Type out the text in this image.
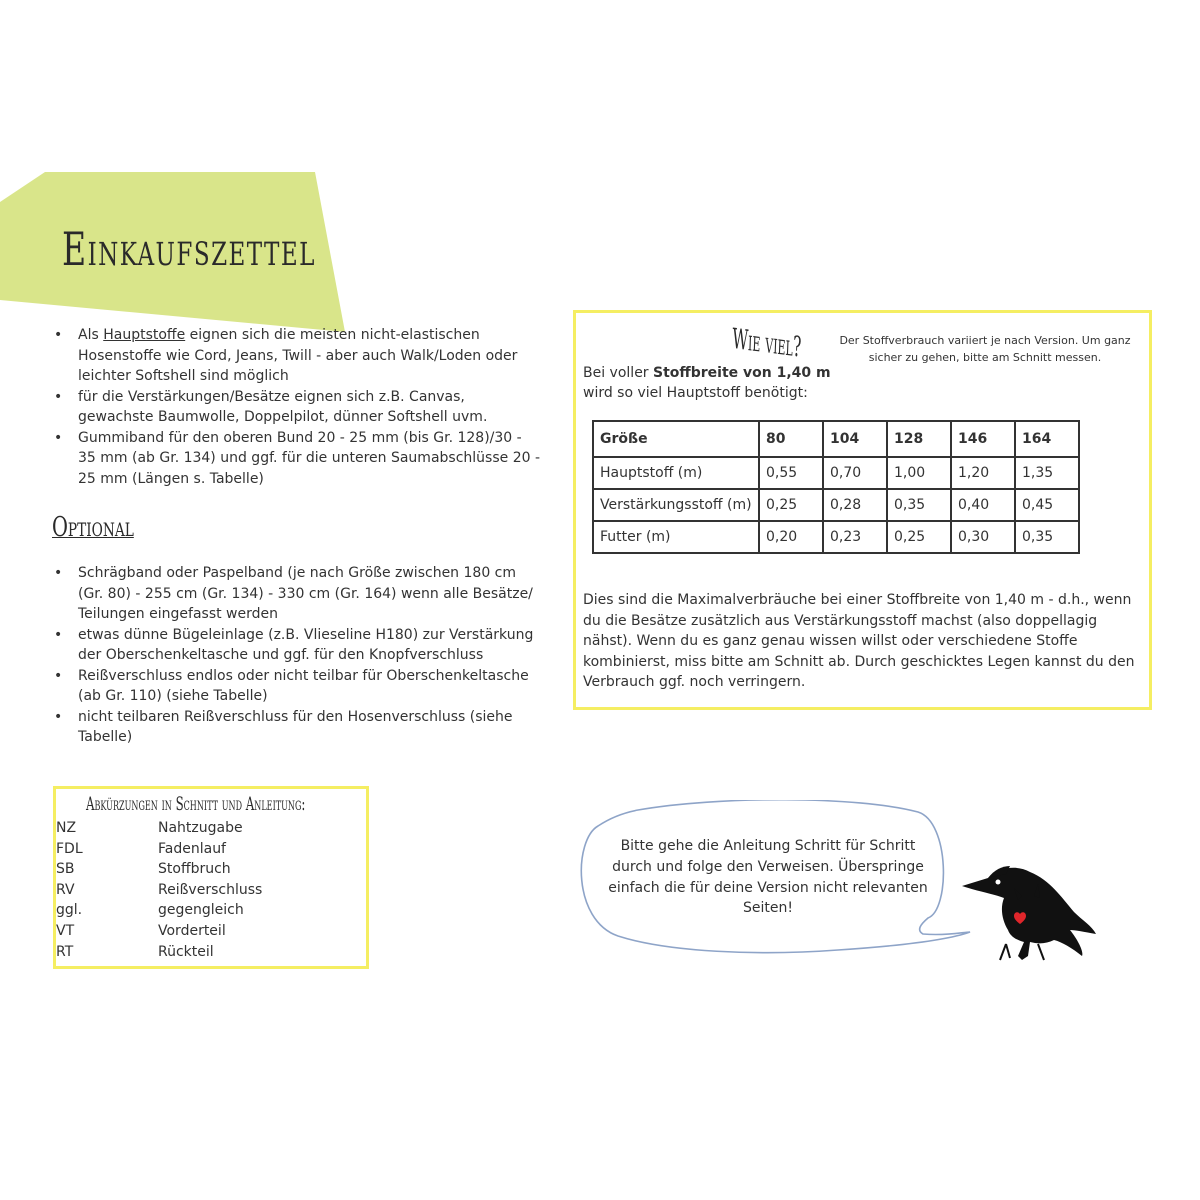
Einkaufszettel
• Als Hauptstoffe eignen sich die meisten nicht-elastischen Hosenstoffe wie Cord, Jeans, Twill - aber auch Walk/Loden oder leichter Softshell sind möglich
• für die Verstärkungen/Besätze eignen sich z.B. Canvas, gewachste Baumwolle, Doppelpilot, dünner Softshell uvm.
• Gummiband für den oberen Bund 20 - 25 mm (bis Gr. 128)/30 - 35 mm (ab Gr. 134) und ggf. für die unteren Saumabschlüsse 20 - 25 mm (Längen s. Tabelle)
Optional
• Schrägband oder Paspelband (je nach Größe zwischen 180 cm (Gr. 80) - 255 cm (Gr. 134) - 330 cm (Gr. 164) wenn alle Besätze/ Teilungen eingefasst werden
• etwas dünne Bügeleinlage (z.B. Vlieseline H180) zur Verstärkung der Oberschenkeltasche und ggf. für den Knopfverschluss
• Reißverschluss endlos oder nicht teilbar für Oberschenkeltasche (ab Gr. 110) (siehe Tabelle)
• nicht teilbaren Reißverschluss für den Hosenverschluss (siehe Tabelle)
Abkürzungen in Schnitt und Anleitung:
NZ	Nahtzugabe
FDL	Fadenlauf
SB	Stoffbruch
RV	Reißverschluss
ggl.	gegengleich
VT	Vorderteil
RT	Rückteil
Wie viel?	Der Stoffverbrauch variiert je nach Version. Um ganz sicher zu gehen, bitte am Schnitt messen.
Bei voller Stoffbreite von 1,40 m wird so viel Hauptstoff benötigt:
Größe	80	104	128	146	164
Hauptstoff (m)	0,55	0,70	1,00	1,20	1,35
Verstärkungsstoff (m)	0,25	0,28	0,35	0,40	0,45
Futter (m)	0,20	0,23	0,25	0,30	0,35
Dies sind die Maximalverbräuche bei einer Stoffbreite von 1,40 m - d.h., wenn du die Besätze zusätzlich aus Verstärkungsstoff machst (also doppellagig nähst). Wenn du es ganz genau wissen willst oder verschiedene Stoffe kombinierst, miss bitte am Schnitt ab. Durch geschicktes Legen kannst du den Verbrauch ggf. noch verringern.
Bitte gehe die Anleitung Schritt für Schritt durch und folge den Verweisen. Überspringe einfach die für deine Version nicht relevanten Seiten!
